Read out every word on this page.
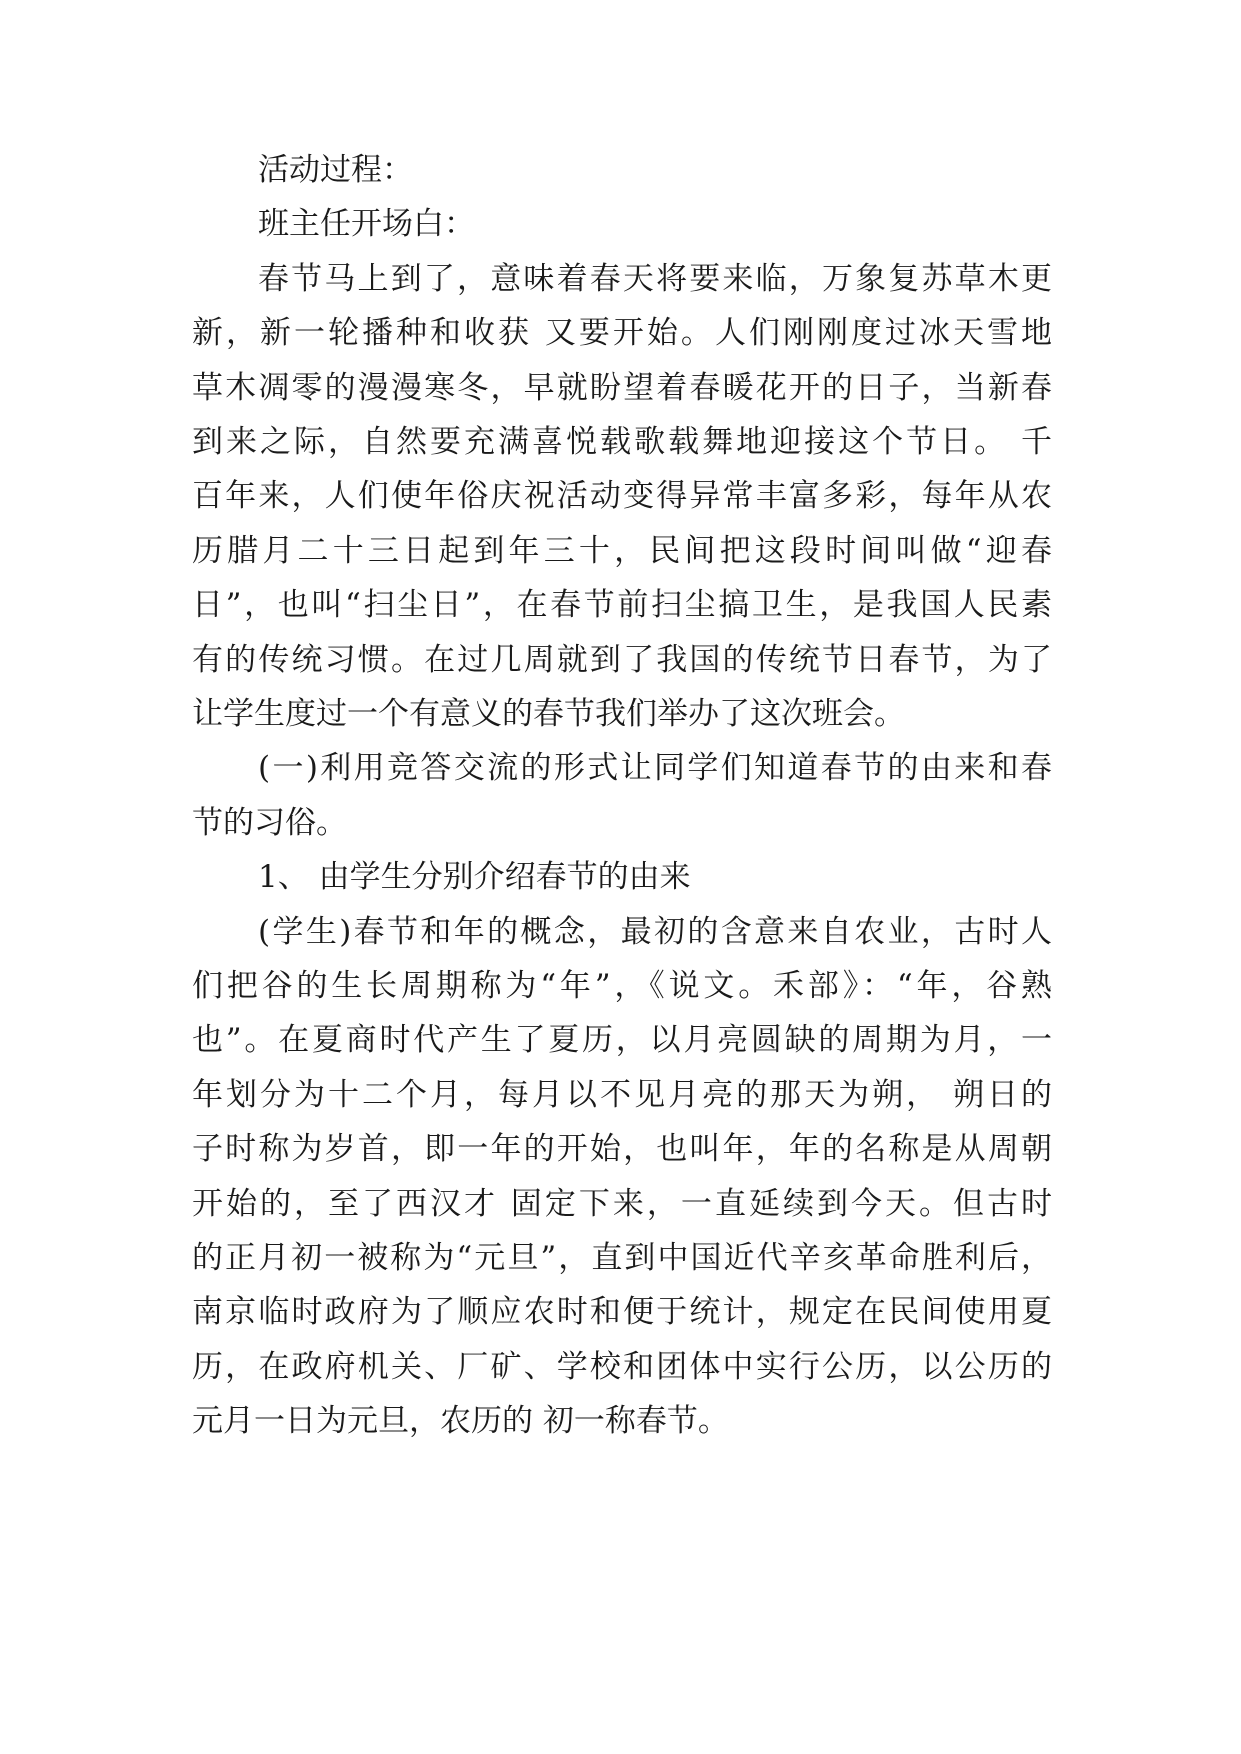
活动过程：
班主任开场白：
春节马上到了，意味着春天将要来临，万象复苏草木更
新，新一轮播种和收获 又要开始。人们刚刚度过冰天雪地
草木凋零的漫漫寒冬，早就盼望着春暖花开的日子，当新春
到来之际，自然要充满喜悦载歌载舞地迎接这个节日。 千
百年来，人们使年俗庆祝活动变得异常丰富多彩，每年从农
历腊月二十三日起到年三十，民间把这段时间叫做“迎春
日”，也叫“扫尘日”，在春节前扫尘搞卫生，是我国人民素
有的传统习惯。在过几周就到了我国的传统节日春节，为了
让学生度过一个有意义的春节我们举办了这次班会。
(一)利用竞答交流的形式让同学们知道春节的由来和春
节的习俗。
1、 由学生分别介绍春节的由来
(学生)春节和年的概念，最初的含意来自农业，古时人
们把谷的生长周期称为“年”，《说文。禾部》：“年，谷熟
也”。在夏商时代产生了夏历，以月亮圆缺的周期为月，一
年划分为十二个月，每月以不见月亮的那天为朔， 朔日的
子时称为岁首，即一年的开始，也叫年，年的名称是从周朝
开始的，至了西汉才 固定下来，一直延续到今天。但古时
的正月初一被称为“元旦”，直到中国近代辛亥革命胜利后，
南京临时政府为了顺应农时和便于统计，规定在民间使用夏
历，在政府机关、厂矿、学校和团体中实行公历，以公历的
元月一日为元旦，农历的 初一称春节。
